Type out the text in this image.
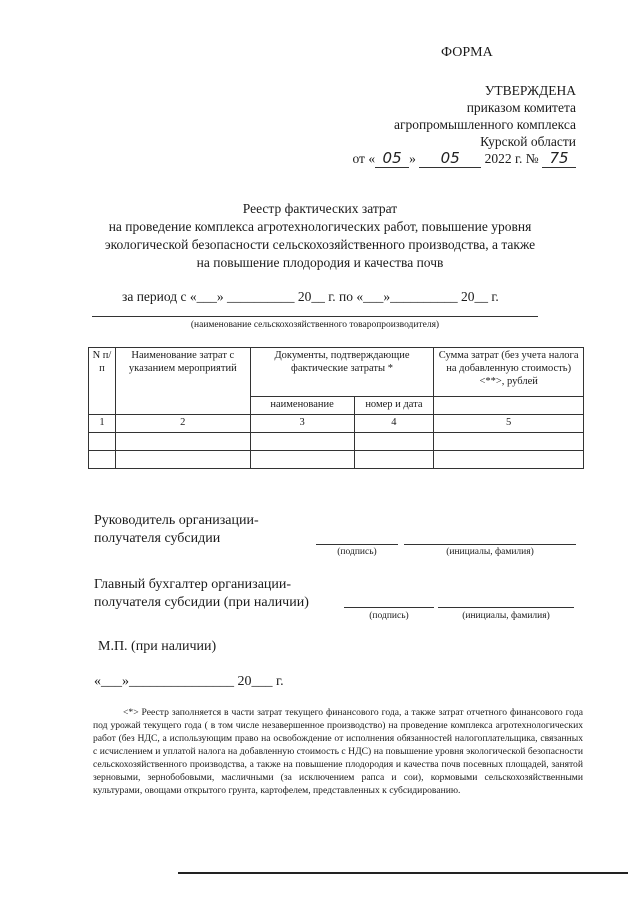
ФОРМА
УТВЕРЖДЕНА
приказом комитета
агропромышленного комплекса
Курской области
от « 05 » 05 2022 г. № 75
Реестр фактических затрат
на проведение комплекса агротехнологических работ, повышение уровня
экологической безопасности сельскохозяйственного производства, а также
на повышение плодородия и качества почв
за период с «___» __________ 20__ г. по «___»__________ 20__ г.
(наименование сельскохозяйственного товаропроизводителя)
N п/п	Наименование затрат с указанием мероприятий	Документы, подтверждающие фактические затраты *		Сумма затрат (без учета налога на добавленную стоимость) <**>, рублей
		наименование	номер и дата	
1	2	3	4	5

Руководитель организации-
получателя субсидии
(подпись)	(инициалы, фамилия)
Главный бухгалтер организации-
получателя субсидии (при наличии)
(подпись)	(инициалы, фамилия)
М.П. (при наличии)
«___»_______________ 20___ г.
<*> Реестр заполняется в части затрат текущего финансового года, а также затрат отчетного финансового года под урожай текущего года ( в том числе незавершенное производство) на проведение комплекса агротехнологических работ (без НДС, а использующим право на освобождение от исполнения обязанностей налогоплательщика, связанных с исчислением и уплатой налога на добавленную стоимость с НДС) на повышение уровня экологической безопасности сельскохозяйственного производства, а также на повышение плодородия и качества почв посевных площадей, занятой зерновыми, зернобобовыми, масличными (за исключением рапса и сои), кормовыми сельскохозяйственными культурами, овощами открытого грунта, картофелем, представленных к субсидированию.
